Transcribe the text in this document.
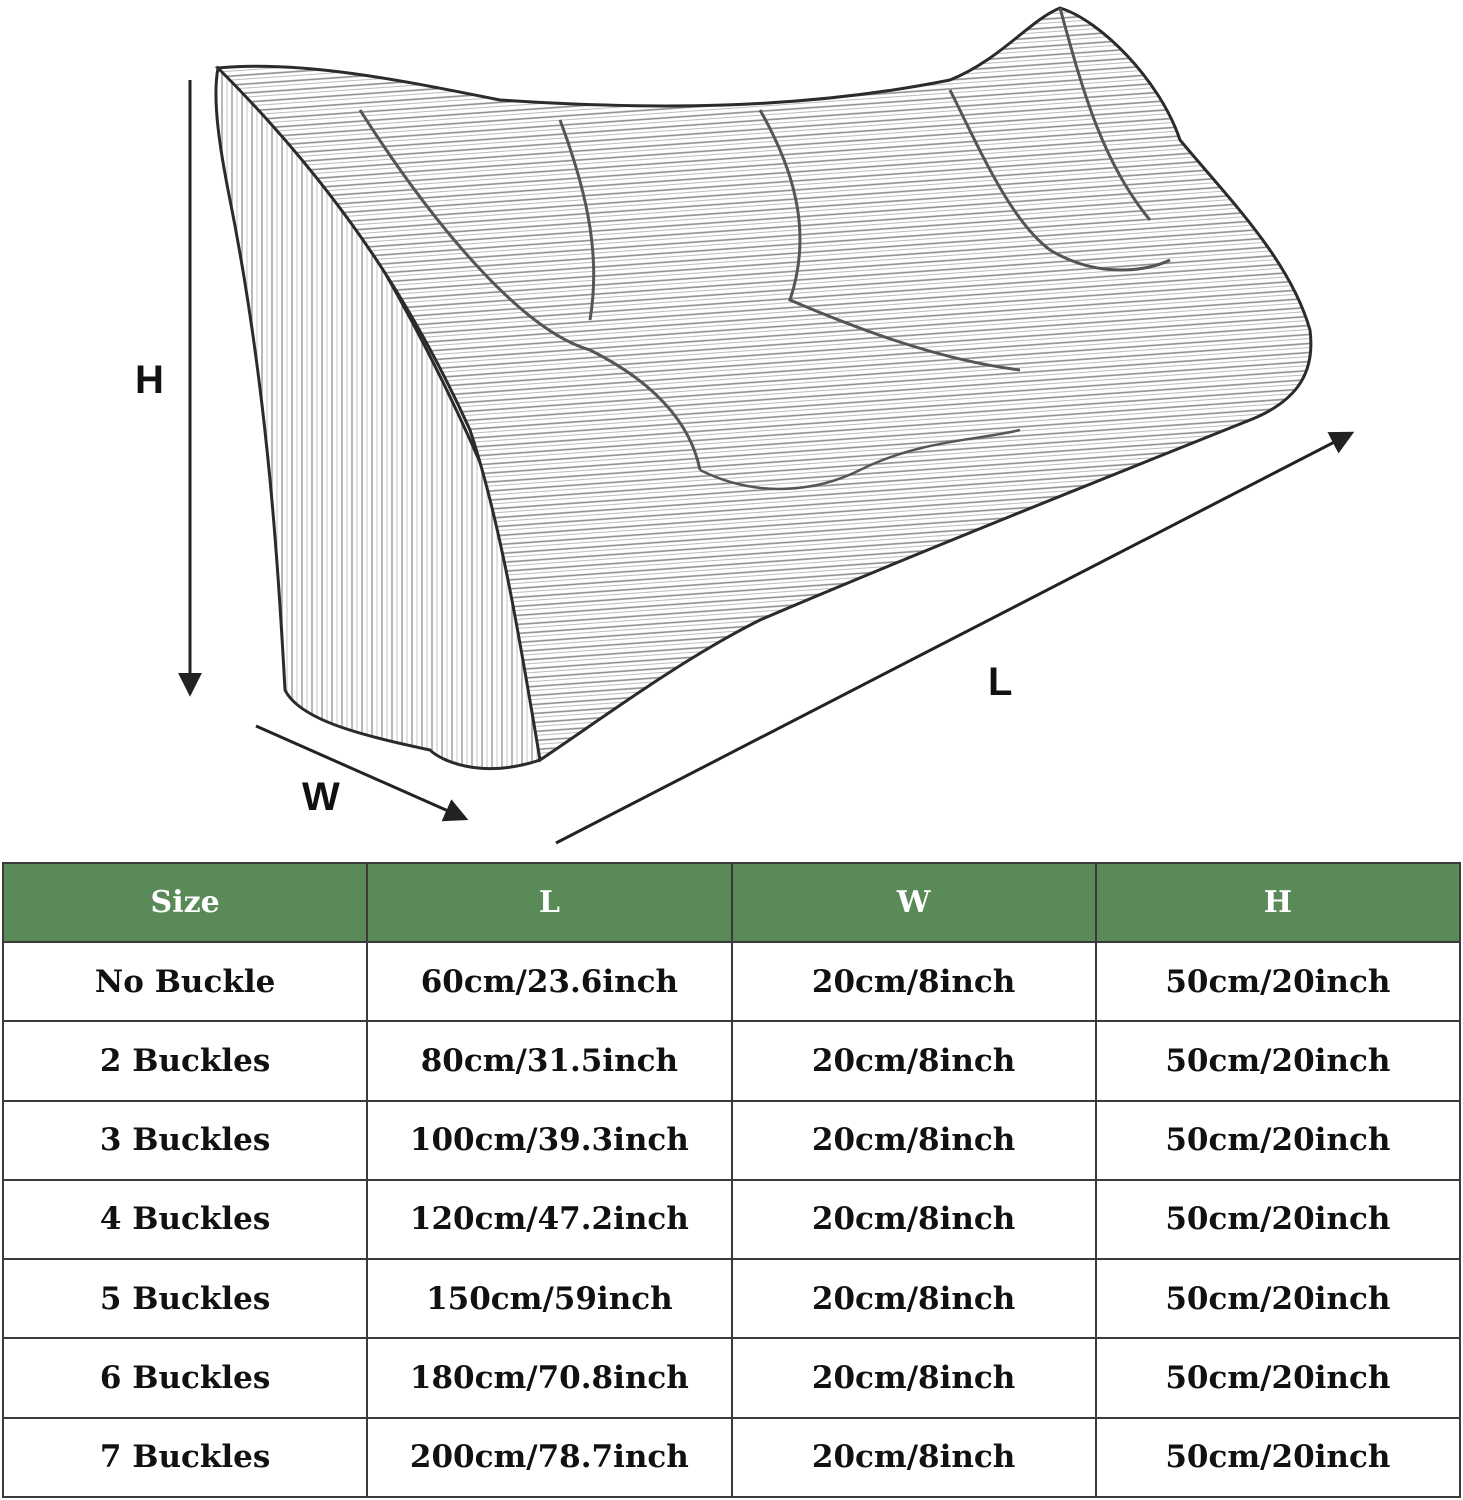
H
L
W
Size	L	W	H
No Buckle	60cm/23.6inch	20cm/8inch	50cm/20inch
2 Buckles	80cm/31.5inch	20cm/8inch	50cm/20inch
3 Buckles	100cm/39.3inch	20cm/8inch	50cm/20inch
4 Buckles	120cm/47.2inch	20cm/8inch	50cm/20inch
5 Buckles	150cm/59inch	20cm/8inch	50cm/20inch
6 Buckles	180cm/70.8inch	20cm/8inch	50cm/20inch
7 Buckles	200cm/78.7inch	20cm/8inch	50cm/20inch
